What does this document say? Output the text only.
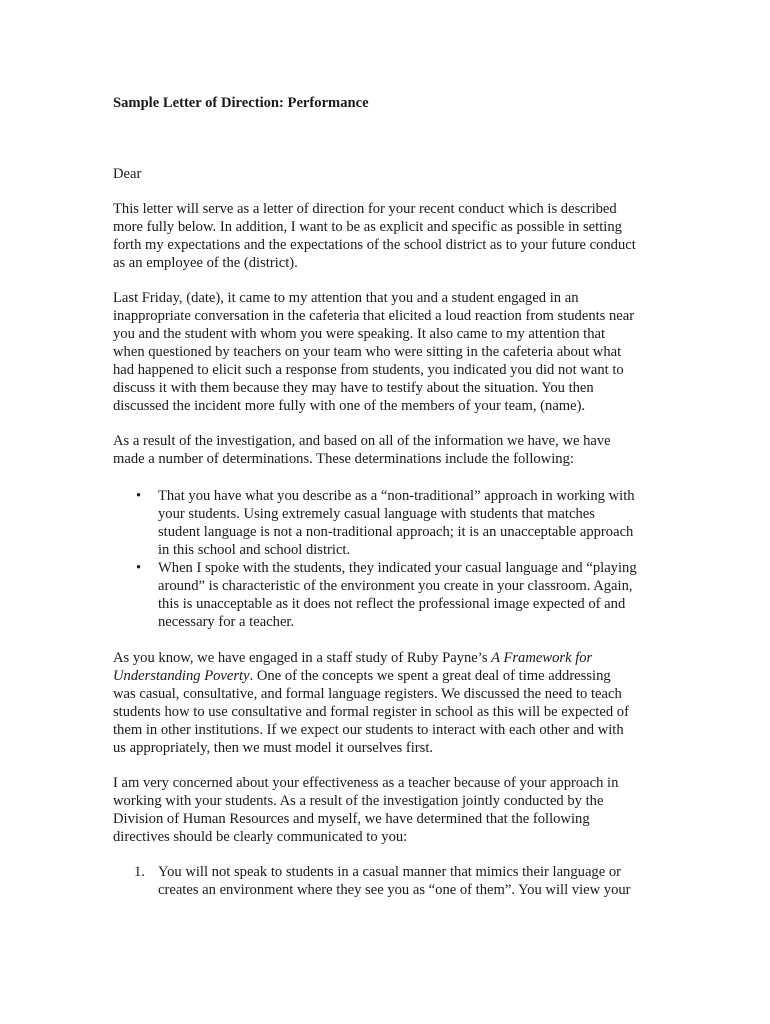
Sample Letter of Direction: Performance
Dear
This letter will serve as a letter of direction for your recent conduct which is described
more fully below. In addition, I want to be as explicit and specific as possible in setting
forth my expectations and the expectations of the school district as to your future conduct
as an employee of the (district).
Last Friday, (date), it came to my attention that you and a student engaged in an
inappropriate conversation in the cafeteria that elicited a loud reaction from students near
you and the student with whom you were speaking. It also came to my attention that
when questioned by teachers on your team who were sitting in the cafeteria about what
had happened to elicit such a response from students, you indicated you did not want to
discuss it with them because they may have to testify about the situation. You then
discussed the incident more fully with one of the members of your team, (name).
As a result of the investigation, and based on all of the information we have, we have
made a number of determinations. These determinations include the following:
• That you have what you describe as a “non-traditional” approach in working with
your students. Using extremely casual language with students that matches
student language is not a non-traditional approach; it is an unacceptable approach
in this school and school district.
• When I spoke with the students, they indicated your casual language and “playing
around” is characteristic of the environment you create in your classroom. Again,
this is unacceptable as it does not reflect the professional image expected of and
necessary for a teacher.
As you know, we have engaged in a staff study of Ruby Payne’s A Framework for
Understanding Poverty. One of the concepts we spent a great deal of time addressing
was casual, consultative, and formal language registers. We discussed the need to teach
students how to use consultative and formal register in school as this will be expected of
them in other institutions. If we expect our students to interact with each other and with
us appropriately, then we must model it ourselves first.
I am very concerned about your effectiveness as a teacher because of your approach in
working with your students. As a result of the investigation jointly conducted by the
Division of Human Resources and myself, we have determined that the following
directives should be clearly communicated to you:
1. You will not speak to students in a casual manner that mimics their language or
creates an environment where they see you as “one of them”. You will view your
